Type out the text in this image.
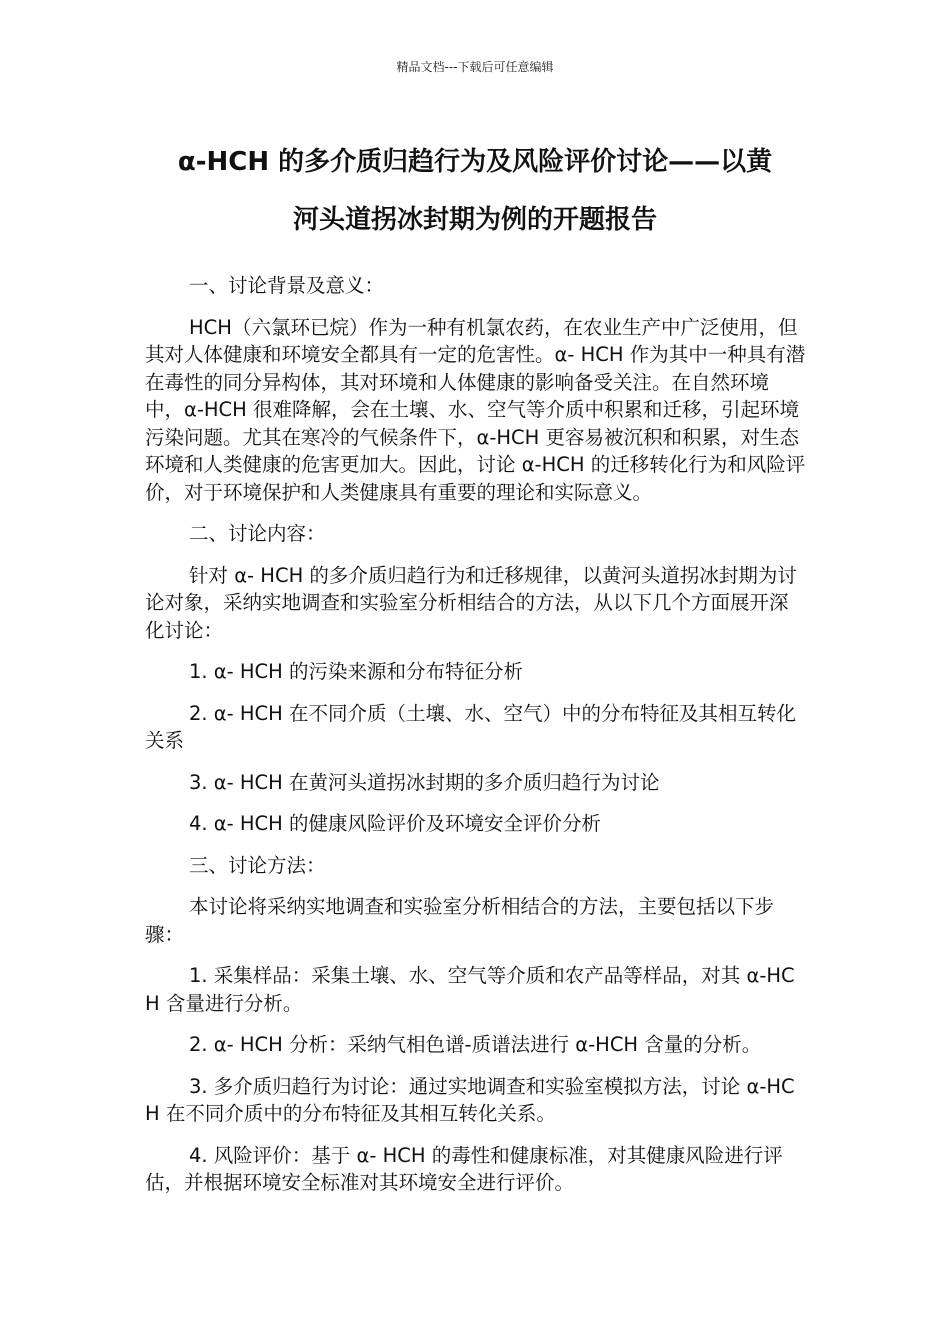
精品文档---下载后可任意编辑
α-HCH 的多介质归趋行为及风险评价讨论——以黄
河头道拐冰封期为例的开题报告

一、讨论背景及意义：

HCH（六氯环已烷）作为一种有机氯农药，在农业生产中广泛使用，但其对人体健康和环境安全都具有一定的危害性。α- HCH 作为其中一种具有潜在毒性的同分异构体，其对环境和人体健康的影响备受关注。在自然环境中，α-HCH 很难降解，会在土壤、水、空气等介质中积累和迁移，引起环境污染问题。尤其在寒冷的气候条件下，α-HCH 更容易被沉积和积累，对生态环境和人类健康的危害更加大。因此，讨论 α-HCH 的迁移转化行为和风险评价，对于环境保护和人类健康具有重要的理论和实际意义。

二、讨论内容：

针对 α- HCH 的多介质归趋行为和迁移规律，以黄河头道拐冰封期为讨论对象，采纳实地调查和实验室分析相结合的方法，从以下几个方面展开深化讨论：

1. α- HCH 的污染来源和分布特征分析

2. α- HCH 在不同介质（土壤、水、空气）中的分布特征及其相互转化关系

3. α- HCH 在黄河头道拐冰封期的多介质归趋行为讨论

4. α- HCH 的健康风险评价及环境安全评价分析

三、讨论方法：

本讨论将采纳实地调查和实验室分析相结合的方法，主要包括以下步骤：

1. 采集样品：采集土壤、水、空气等介质和农产品等样品，对其 α-HCH 含量进行分析。

2. α- HCH 分析：采纳气相色谱-质谱法进行 α-HCH 含量的分析。

3. 多介质归趋行为讨论：通过实地调查和实验室模拟方法，讨论 α-HCH 在不同介质中的分布特征及其相互转化关系。

4. 风险评价：基于 α- HCH 的毒性和健康标准，对其健康风险进行评估，并根据环境安全标准对其环境安全进行评价。
